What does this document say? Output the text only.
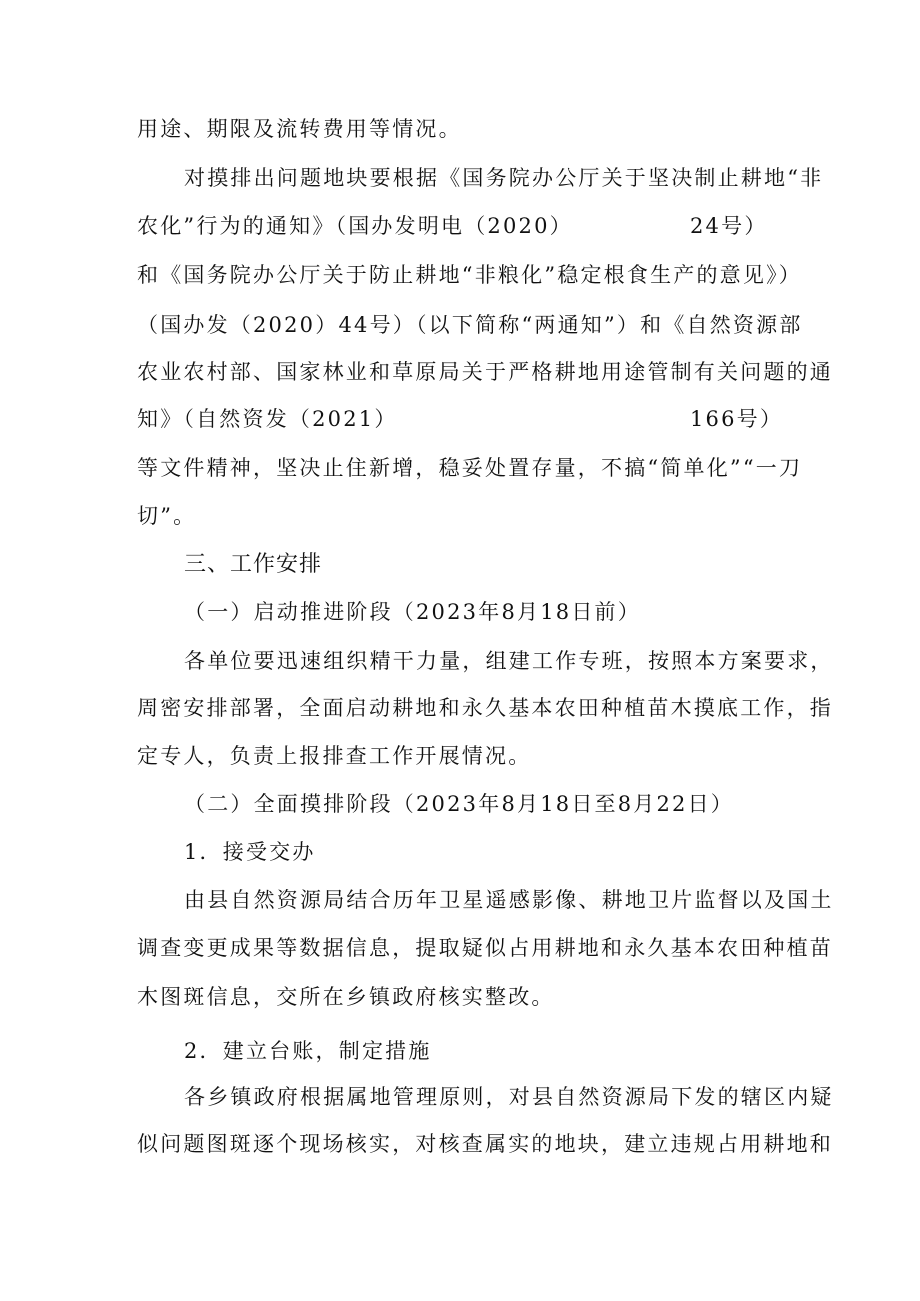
用途、期限及流转费用等情况。
对摸排出问题地块要根据《国务院办公厅关于坚决制止耕地“非
农化”行为的通知》（国办发明电（2020）	24号）
和《国务院办公厅关于防止耕地“非粮化”稳定根食生产的意见》）
（国办发（2020）44号）（以下简称“两通知”）和《自然资源部
农业农村部、国家林业和草原局关于严格耕地用途管制有关问题的通
知》（自然资发（2021）	166号）
等文件精神，坚决止住新增，稳妥处置存量，不搞“简单化”“一刀
切”。
三、工作安排
（一）启动推进阶段（2023年8月18日前）
各单位要迅速组织精干力量，组建工作专班，按照本方案要求，
周密安排部署，全面启动耕地和永久基本农田种植苗木摸底工作，指
定专人，负责上报排查工作开展情况。
（二）全面摸排阶段（2023年8月18日至8月22日）
1．接受交办
由县自然资源局结合历年卫星遥感影像、耕地卫片监督以及国土
调查变更成果等数据信息，提取疑似占用耕地和永久基本农田种植苗
木图斑信息，交所在乡镇政府核实整改。
2．建立台账，制定措施
各乡镇政府根据属地管理原则，对县自然资源局下发的辖区内疑
似问题图斑逐个现场核实，对核查属实的地块，建立违规占用耕地和
